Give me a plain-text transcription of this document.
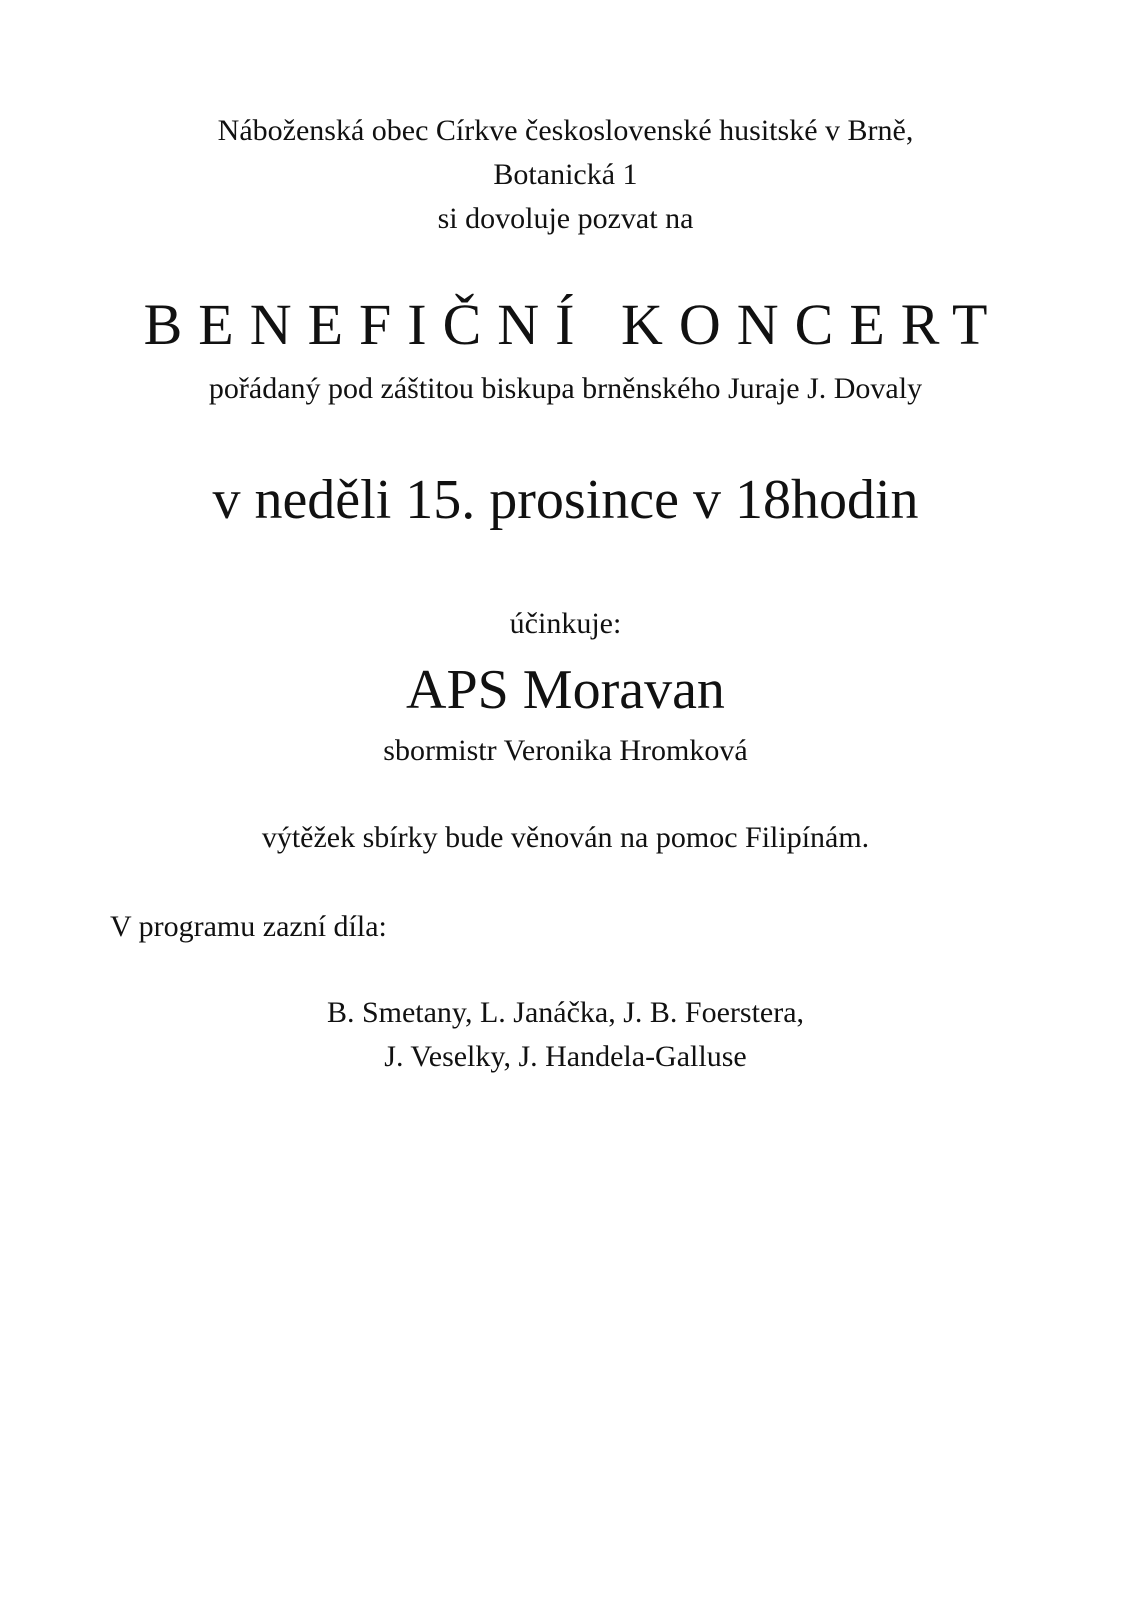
Náboženská obec Církve československé husitské v Brně,
Botanická 1
si dovoluje pozvat na
BENEFIČNÍ KONCERT
pořádaný pod záštitou biskupa brněnského Juraje J. Dovaly
v neděli 15. prosince v 18hodin
účinkuje:
APS Moravan
sbormistr Veronika Hromková
výtěžek sbírky bude věnován na pomoc Filipínám.
V programu zazní díla:
B. Smetany, L. Janáčka, J. B. Foerstera,
J. Veselky, J. Handela-Galluse
